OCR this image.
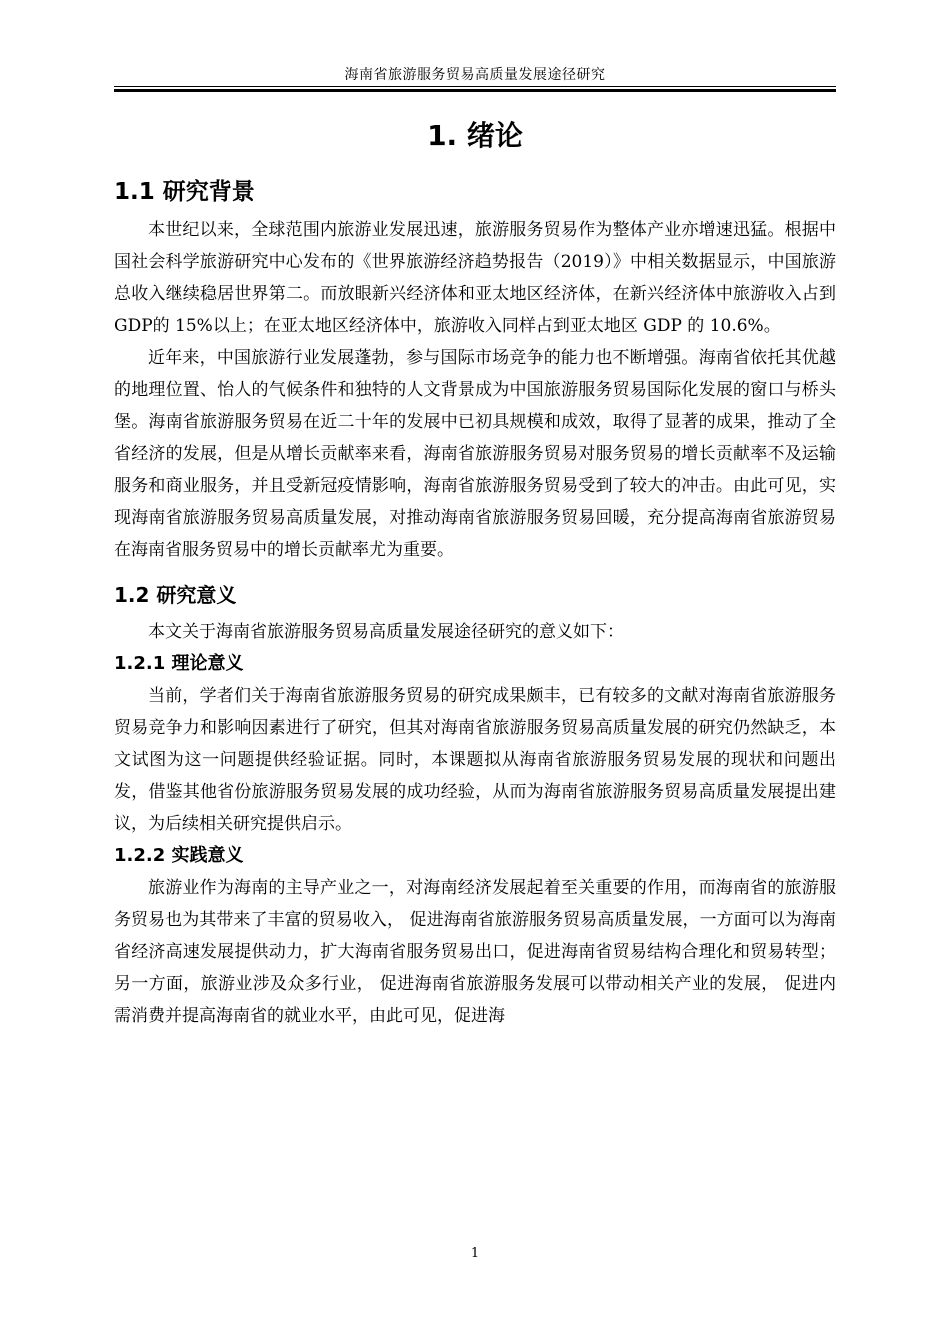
海南省旅游服务贸易高质量发展途径研究
1. 绪论
1.1 研究背景

本世纪以来，全球范围内旅游业发展迅速，旅游服务贸易作为整体产业亦增速迅猛。根据中国社会科学旅游研究中心发布的《世界旅游经济趋势报告（2019）》中相关数据显示，中国旅游总收入继续稳居世界第二。而放眼新兴经济体和亚太地区经济体，在新兴经济体中旅游收入占到GDP的 15%以上；在亚太地区经济体中，旅游收入同样占到亚太地区 GDP 的 10.6%。

近年来，中国旅游行业发展蓬勃，参与国际市场竞争的能力也不断增强。海南省依托其优越的地理位置、怡人的气候条件和独特的人文背景成为中国旅游服务贸易国际化发展的窗口与桥头堡。海南省旅游服务贸易在近二十年的发展中已初具规模和成效，取得了显著的成果，推动了全省经济的发展，但是从增长贡献率来看，海南省旅游服务贸易对服务贸易的增长贡献率不及运输服务和商业服务，并且受新冠疫情影响，海南省旅游服务贸易受到了较大的冲击。由此可见，实现海南省旅游服务贸易高质量发展，对推动海南省旅游服务贸易回暖，充分提高海南省旅游贸易在海南省服务贸易中的增长贡献率尤为重要。

1.2 研究意义

本文关于海南省旅游服务贸易高质量发展途径研究的意义如下：

1.2.1 理论意义

当前，学者们关于海南省旅游服务贸易的研究成果颇丰，已有较多的文献对海南省旅游服务贸易竞争力和影响因素进行了研究，但其对海南省旅游服务贸易高质量发展的研究仍然缺乏，本文试图为这一问题提供经验证据。同时，本课题拟从海南省旅游服务贸易发展的现状和问题出发，借鉴其他省份旅游服务贸易发展的成功经验，从而为海南省旅游服务贸易高质量发展提出建议，为后续相关研究提供启示。

1.2.2 实践意义

旅游业作为海南的主导产业之一，对海南经济发展起着至关重要的作用，而海南省的旅游服务贸易也为其带来了丰富的贸易收入， 促进海南省旅游服务贸易高质量发展，一方面可以为海南省经济高速发展提供动力，扩大海南省服务贸易出口，促进海南省贸易结构合理化和贸易转型；另一方面，旅游业涉及众多行业， 促进海南省旅游服务发展可以带动相关产业的发展， 促进内需消费并提高海南省的就业水平，由此可见，促进海

1
